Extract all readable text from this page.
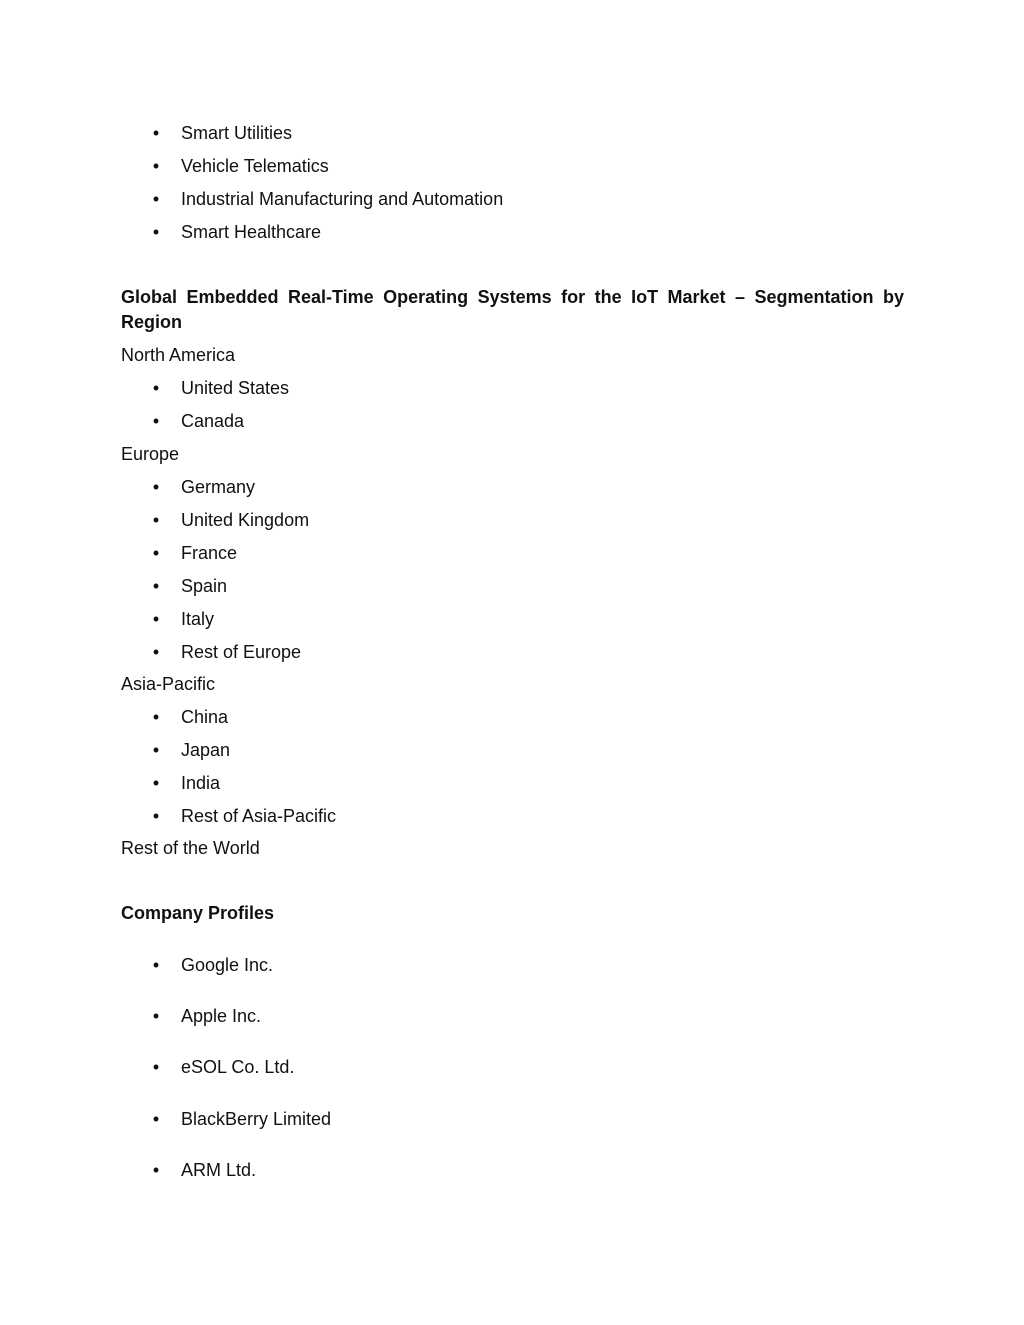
• Smart Utilities
• Vehicle Telematics
• Industrial Manufacturing and Automation
• Smart Healthcare
Global Embedded Real-Time Operating Systems for the IoT Market – Segmentation by
Region
North America
• United States
• Canada
Europe
• Germany
• United Kingdom
• France
• Spain
• Italy
• Rest of Europe
Asia-Pacific
• China
• Japan
• India
• Rest of Asia-Pacific
Rest of the World
Company Profiles
• Google Inc.
• Apple Inc.
• eSOL Co. Ltd.
• BlackBerry Limited
• ARM Ltd.
